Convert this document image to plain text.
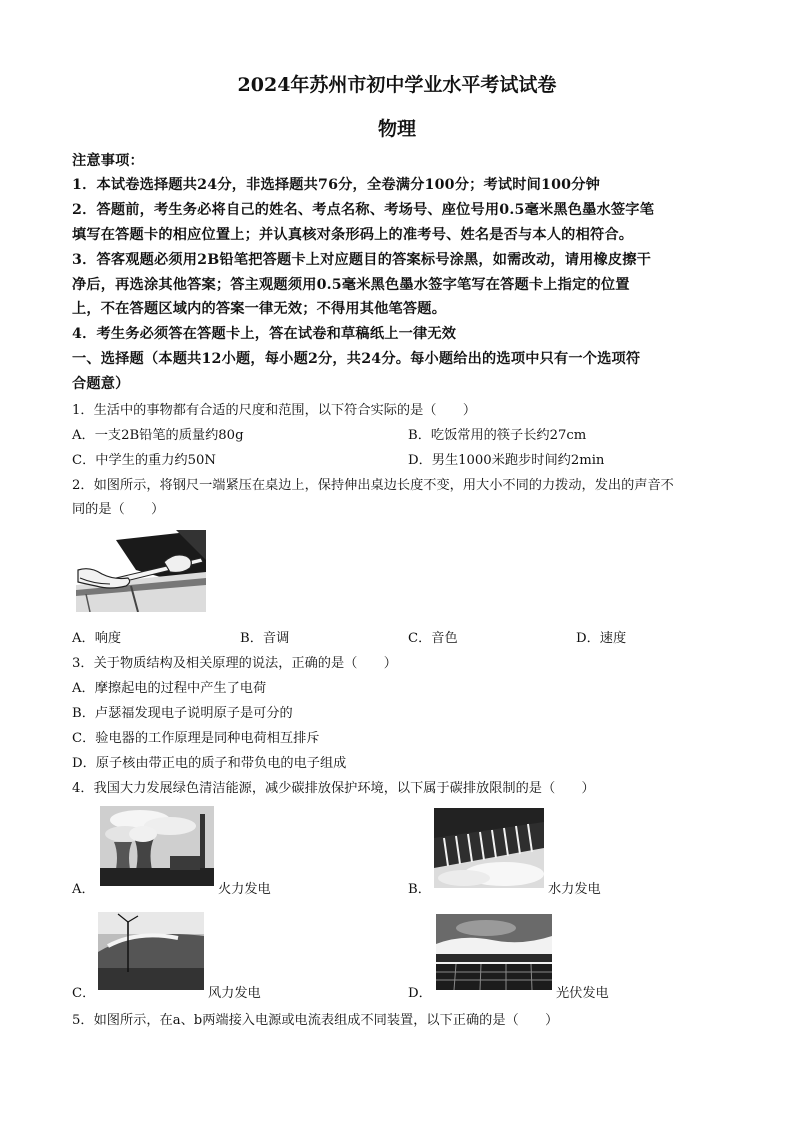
2024年苏州市初中学业水平考试试卷
物理
注意事项：
1．本试卷选择题共24分，非选择题共76分，全卷满分100分；考试时间100分钟
2．答题前，考生务必将自己的姓名、考点名称、考场号、座位号用0.5毫米黑色墨水签字笔
填写在答题卡的相应位置上；并认真核对条形码上的准考号、姓名是否与本人的相符合。
3．答客观题必须用2B铅笔把答题卡上对应题目的答案标号涂黑，如需改动，请用橡皮擦干
净后，再选涂其他答案；答主观题须用0.5毫米黑色墨水签字笔写在答题卡上指定的位置
上，不在答题区域内的答案一律无效；不得用其他笔答题。
4．考生务必须答在答题卡上，答在试卷和草稿纸上一律无效
一、选择题（本题共12小题，每小题2分，共24分。每小题给出的选项中只有一个选项符
合题意）
1．生活中的事物都有合适的尺度和范围，以下符合实际的是（　　）
A．一支2B铅笔的质量约80g	B．吃饭常用的筷子长约27cm
C．中学生的重力约50N	D．男生1000米跑步时间约2min
2．如图所示，将钢尺一端紧压在桌边上，保持伸出桌边长度不变，用大小不同的力拨动，发出的声音不
同的是（　　）
A．响度	B．音调	C．音色	D．速度
3．关于物质结构及相关原理的说法，正确的是（　　）
A．摩擦起电的过程中产生了电荷
B．卢瑟福发现电子说明原子是可分的
C．验电器的工作原理是同种电荷相互排斥
D．原子核由带正电的质子和带负电的电子组成
4．我国大力发展绿色清洁能源，减少碳排放保护环境，以下属于碳排放限制的是（　　）
A．	火力发电	B．	水力发电
C．	风力发电	D．	光伏发电
5．如图所示，在a、b两端接入电源或电流表组成不同装置，以下正确的是（　　）
